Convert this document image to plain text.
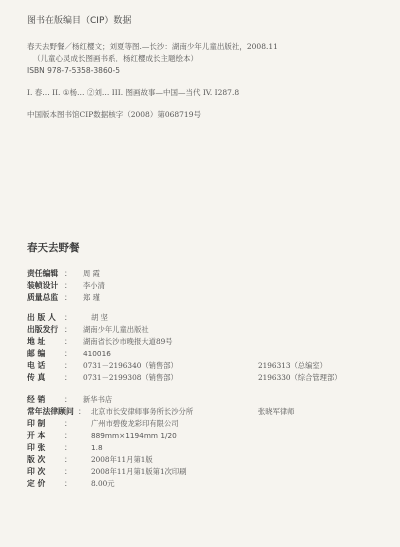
图书在版编目（CIP）数据
春天去野餐／杨红樱文；刘夏等图.—长沙：湖南少年儿童出版社，2008.11
（儿童心灵成长图画书系．杨红樱成长主题绘本）
ISBN 978-7-5358-3860-5
I. 春… II. ①杨… ②刘… III. 图画故事—中国—当代 IV. I287.8
中国版本图书馆CIP数据核字（2008）第068719号
春天去野餐
责任编辑 ： 周 霞
装帧设计 ： 李小清
质量总监 ： 郑 瑾
出 版 人 ：	胡 坚
出版发行 ： 湖南少年儿童出版社
地 址 ： 湖南省长沙市晚报大道89号
邮 编 ： 410016
电 话 ： 0731－2196340（销售部）	2196313（总编室）
传 真 ： 0731－2199308（销售部）	2196330（综合管理部）
经 销 ： 新华书店
常年法律顾问 ： 北京市长安律师事务所长沙分所	张晓军律师
印 制 ：	广州市碧俊龙彩印有限公司
开 本 ：	889mm×1194mm 1/20
印 张 ：	1.8
版 次 ：	2008年11月第1版
印 次 ：	2008年11月第1版第1次印刷
定 价 ：	8.00元
